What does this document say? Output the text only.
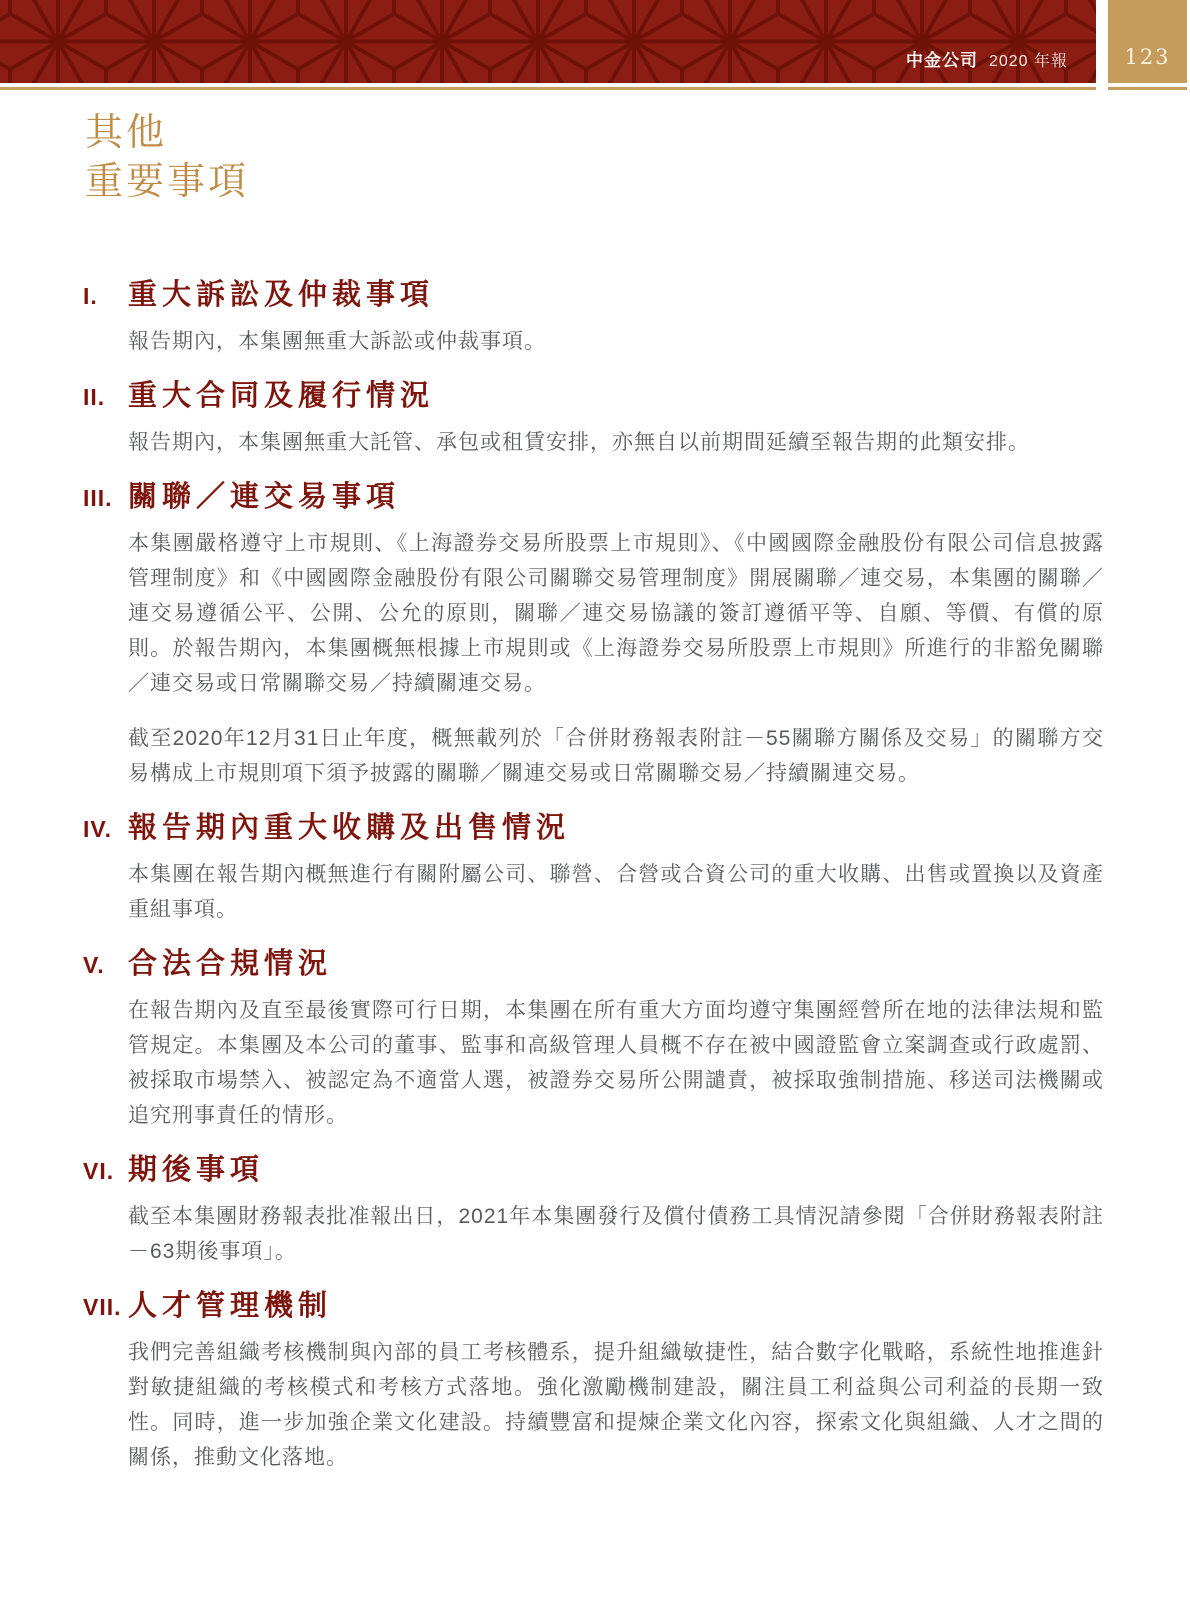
中金公司 2020 年報	123
其他
重要事項
I.	重大訴訟及仲裁事項

報告期內，本集團無重大訴訟或仲裁事項。

II. 重大合同及履行情況

報告期內，本集團無重大託管、承包或租賃安排，亦無自以前期間延續至報告期的此類安排。

III. 關聯／連交易事項

本集團嚴格遵守上市規則、《上海證券交易所股票上市規則》、《中國國際金融股份有限公司信息披露管理制度》和《中國國際金融股份有限公司關聯交易管理制度》開展關聯／連交易，本集團的關聯／連交易遵循公平、公開、公允的原則，關聯／連交易協議的簽訂遵循平等、自願、等價、有償的原則。於報告期內，本集團概無根據上市規則或《上海證券交易所股票上市規則》所進行的非豁免關聯／連交易或日常關聯交易／持續關連交易。

截至2020年12月31日止年度，概無載列於「合併財務報表附註－55關聯方關係及交易」的關聯方交易構成上市規則項下須予披露的關聯／關連交易或日常關聯交易／持續關連交易。

IV. 報告期內重大收購及出售情況

本集團在報告期內概無進行有關附屬公司、聯營、合營或合資公司的重大收購、出售或置換以及資產重組事項。

V. 合法合規情況

在報告期內及直至最後實際可行日期，本集團在所有重大方面均遵守集團經營所在地的法律法規和監管規定。本集團及本公司的董事、監事和高級管理人員概不存在被中國證監會立案調查或行政處罰、被採取市場禁入、被認定為不適當人選，被證券交易所公開譴責，被採取強制措施、移送司法機關或追究刑事責任的情形。

VI. 期後事項

截至本集團財務報表批准報出日，2021年本集團發行及償付債務工具情況請參閱「合併財務報表附註－63期後事項」。

VII. 人才管理機制

我們完善組織考核機制與內部的員工考核體系，提升組織敏捷性，結合數字化戰略，系統性地推進針對敏捷組織的考核模式和考核方式落地。強化激勵機制建設，關注員工利益與公司利益的長期一致性。同時，進一步加強企業文化建設。持續豐富和提煉企業文化內容，探索文化與組織、人才之間的關係，推動文化落地。
